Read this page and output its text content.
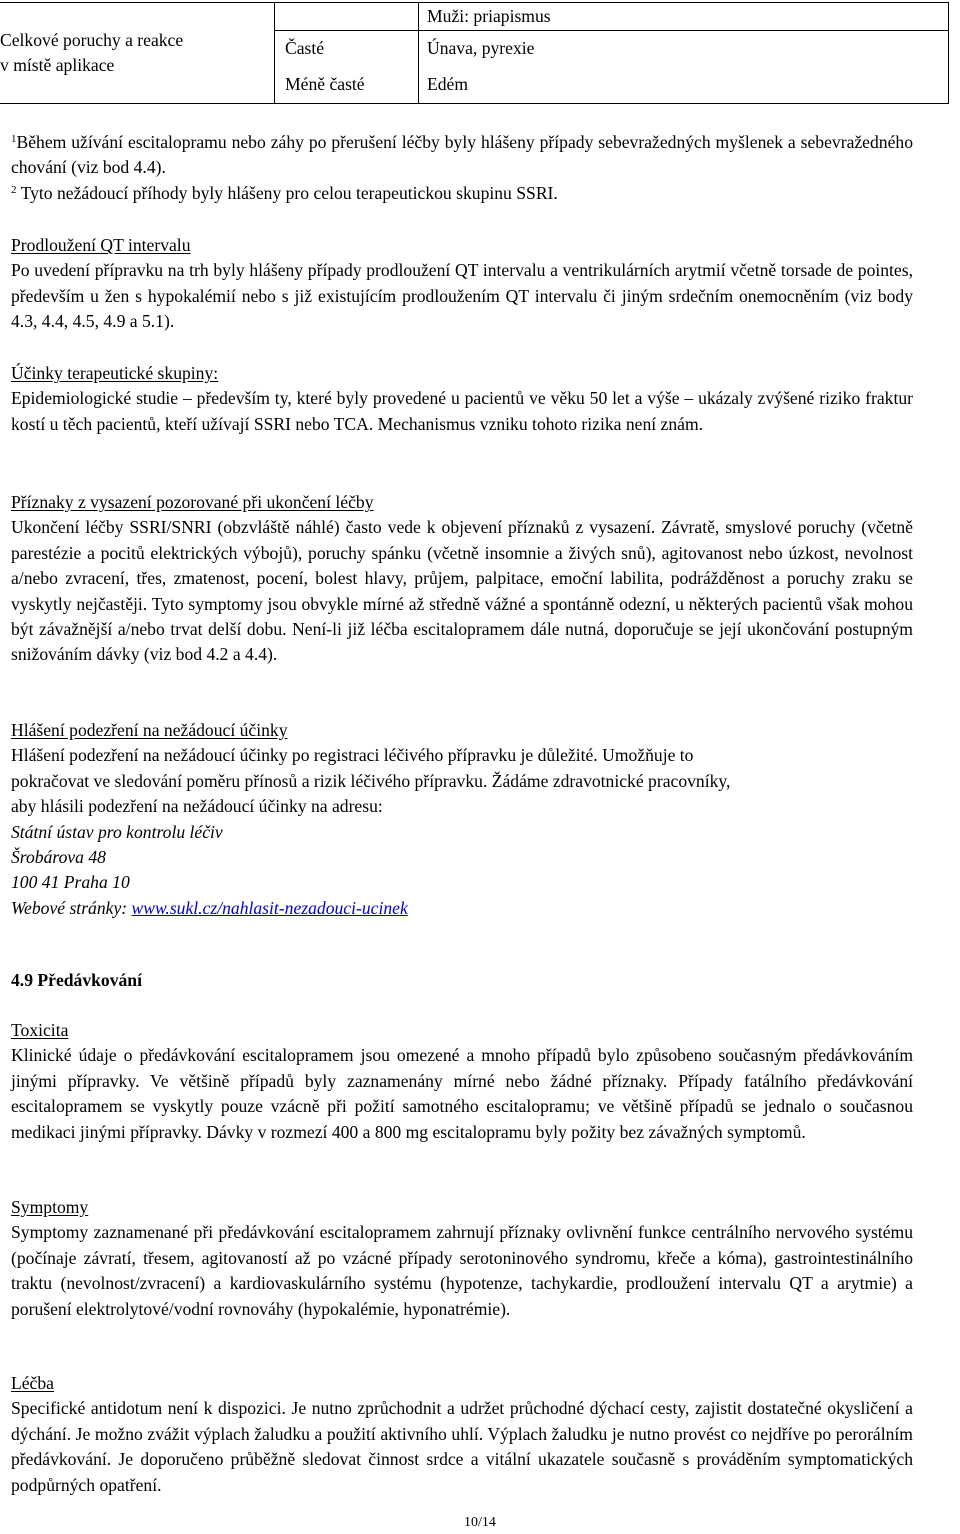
Celkové poruchy a reakce
v místě aplikace		Muži: priapismus
	Časté	Únava, pyrexie
	Méně časté	Edém

$^1$Během užívání escitalopramu nebo záhy po přerušení léčby byly hlášeny případy sebevražedných myšlenek a sebevražedného chování (viz bod 4.4).

$^2$ Tyto nežádoucí příhody byly hlášeny pro celou terapeutickou skupinu SSRI.

Prodloužení QT intervalu

Po uvedení přípravku na trh byly hlášeny případy prodloužení QT intervalu a ventrikulárních arytmií včetně torsade de pointes, především u žen s hypokalémií nebo s již existujícím prodloužením QT intervalu či jiným srdečním onemocněním (viz body 4.3, 4.4, 4.5, 4.9 a 5.1).

Účinky terapeutické skupiny:

Epidemiologické studie – především ty, které byly provedené u pacientů ve věku 50 let a výše – ukázaly zvýšené riziko fraktur kostí u těch pacientů, kteří užívají SSRI nebo TCA. Mechanismus vzniku tohoto rizika není znám.

Příznaky z vysazení pozorované při ukončení léčby

Ukončení léčby SSRI/SNRI (obzvláště náhlé) často vede k objevení příznaků z vysazení. Závratě, smyslové poruchy (včetně parestézie a pocitů elektrických výbojů), poruchy spánku (včetně insomnie a živých snů), agitovanost nebo úzkost, nevolnost a/nebo zvracení, třes, zmatenost, pocení, bolest hlavy, průjem, palpitace, emoční labilita, podrážděnost a poruchy zraku se vyskytly nejčastěji. Tyto symptomy jsou obvykle mírné až středně vážné a spontánně odezní, u některých pacientů však mohou být závažnější a/nebo trvat delší dobu. Není-li již léčba escitalopramem dále nutná, doporučuje se její ukončování postupným snižováním dávky (viz bod 4.2 a 4.4).

Hlášení podezření na nežádoucí účinky

Hlášení podezření na nežádoucí účinky po registraci léčivého přípravku je důležité. Umožňuje to

pokračovat ve sledování poměru přínosů a rizik léčivého přípravku. Žádáme zdravotnické pracovníky,

aby hlásili podezření na nežádoucí účinky na adresu:

Státní ústav pro kontrolu léčiv

Šrobárova 48

100 41 Praha 10

Webové stránky: www.sukl.cz/nahlasit-nezadouci-ucinek

4.9 Předávkování

Toxicita

Klinické údaje o předávkování escitalopramem jsou omezené a mnoho případů bylo způsobeno současným předávkováním jinými přípravky. Ve většině případů byly zaznamenány mírné nebo žádné příznaky. Případy fatálního předávkování escitalopramem se vyskytly pouze vzácně při požití samotného escitalopramu; ve většině případů se jednalo o současnou medikaci jinými přípravky. Dávky v rozmezí 400 a 800 mg escitalopramu byly požity bez závažných symptomů.

Symptomy

Symptomy zaznamenané při předávkování escitalopramem zahrnují příznaky ovlivnění funkce centrálního nervového systému (počínaje závratí, třesem, agitovaností až po vzácné případy serotoninového syndromu, křeče a kóma), gastrointestinálního traktu (nevolnost/zvracení) a kardiovaskulárního systému (hypotenze, tachykardie, prodloužení intervalu QT a arytmie) a porušení elektrolytové/vodní rovnováhy (hypokalémie, hyponatrémie).

Léčba

Specifické antidotum není k dispozici. Je nutno zprůchodnit a udržet průchodné dýchací cesty, zajistit dostatečné okysličení a dýchání. Je možno zvážit výplach žaludku a použití aktivního uhlí. Výplach žaludku je nutno provést co nejdříve po perorálním předávkování. Je doporučeno průběžně sledovat činnost srdce a vitální ukazatele současně s prováděním symptomatických podpůrných opatření.

10/14
